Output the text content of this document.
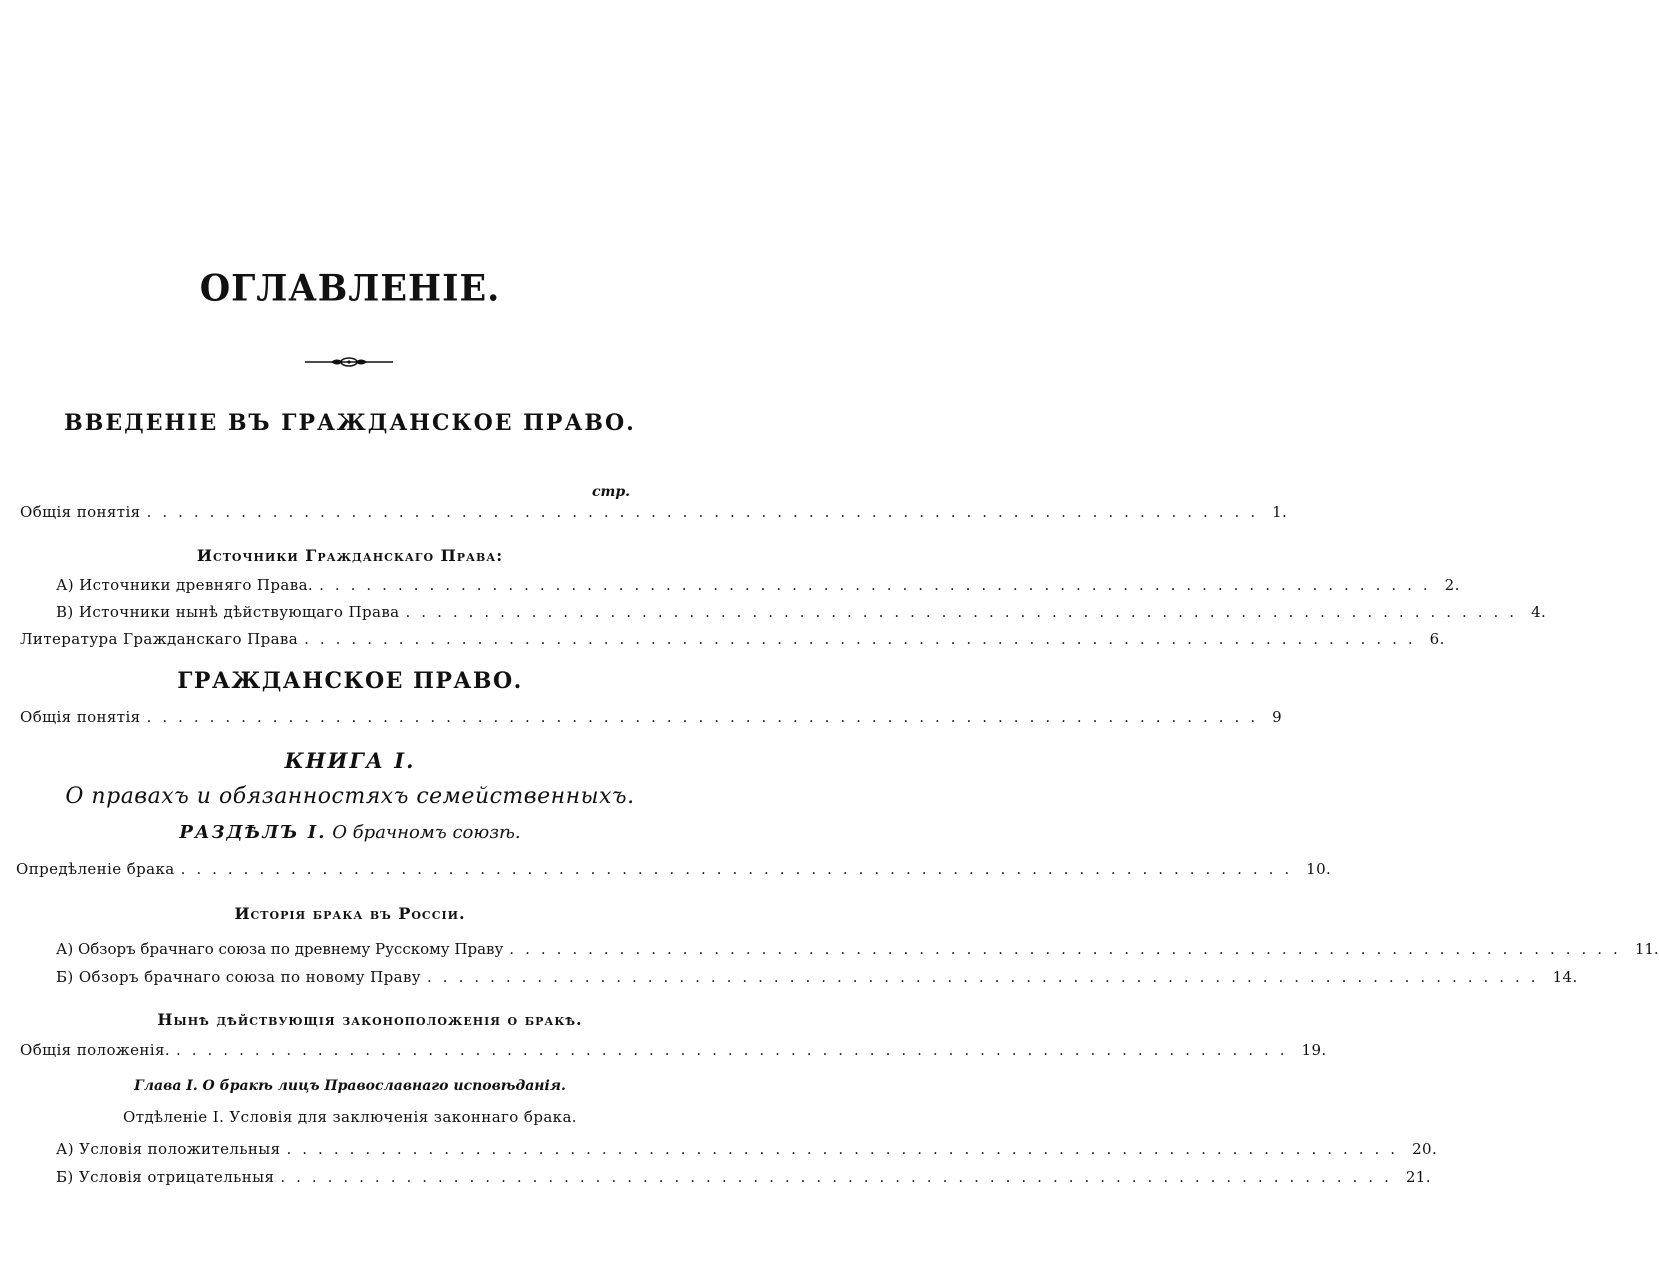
ОГЛАВЛЕНІЕ.
ВВЕДЕНІЕ ВЪ ГРАЖДАНСКОЕ ПРАВО.
стр.
Общія понятія ....................................................................... 1.
Источники Гражданскаго Права:
А) Источники древняго Права. ....................................................................... 2.
В) Источники нынѣ дѣйствующаго Права ....................................................................... 4.
Литература Гражданскаго Права ....................................................................... 6.
ГРАЖДАНСКОЕ ПРАВО.
Общія понятія ....................................................................... 9
КНИГА I.
О правахъ и обязанностяхъ семейственныхъ.
РАЗДѢЛЪ I. О брачномъ союзѣ.
Опредѣленіе брака ....................................................................... 10.
Исторія брака въ Россіи.
А) Обзоръ брачнаго союза по древнему Русскому Праву ....................................................................... 11.
Б) Обзоръ брачнаго союза по новому Праву ....................................................................... 14.
Нынѣ дѣйствующія законоположенія о бракѣ.
Общія положенія. ....................................................................... 19.
Глава I. О бракѣ лицъ Православнаго исповѣданія.
Отдѣленіе I. Условія для заключенія законнаго брака.
А) Условія положительныя ....................................................................... 20.
Б) Условія отрицательныя ....................................................................... 21.
